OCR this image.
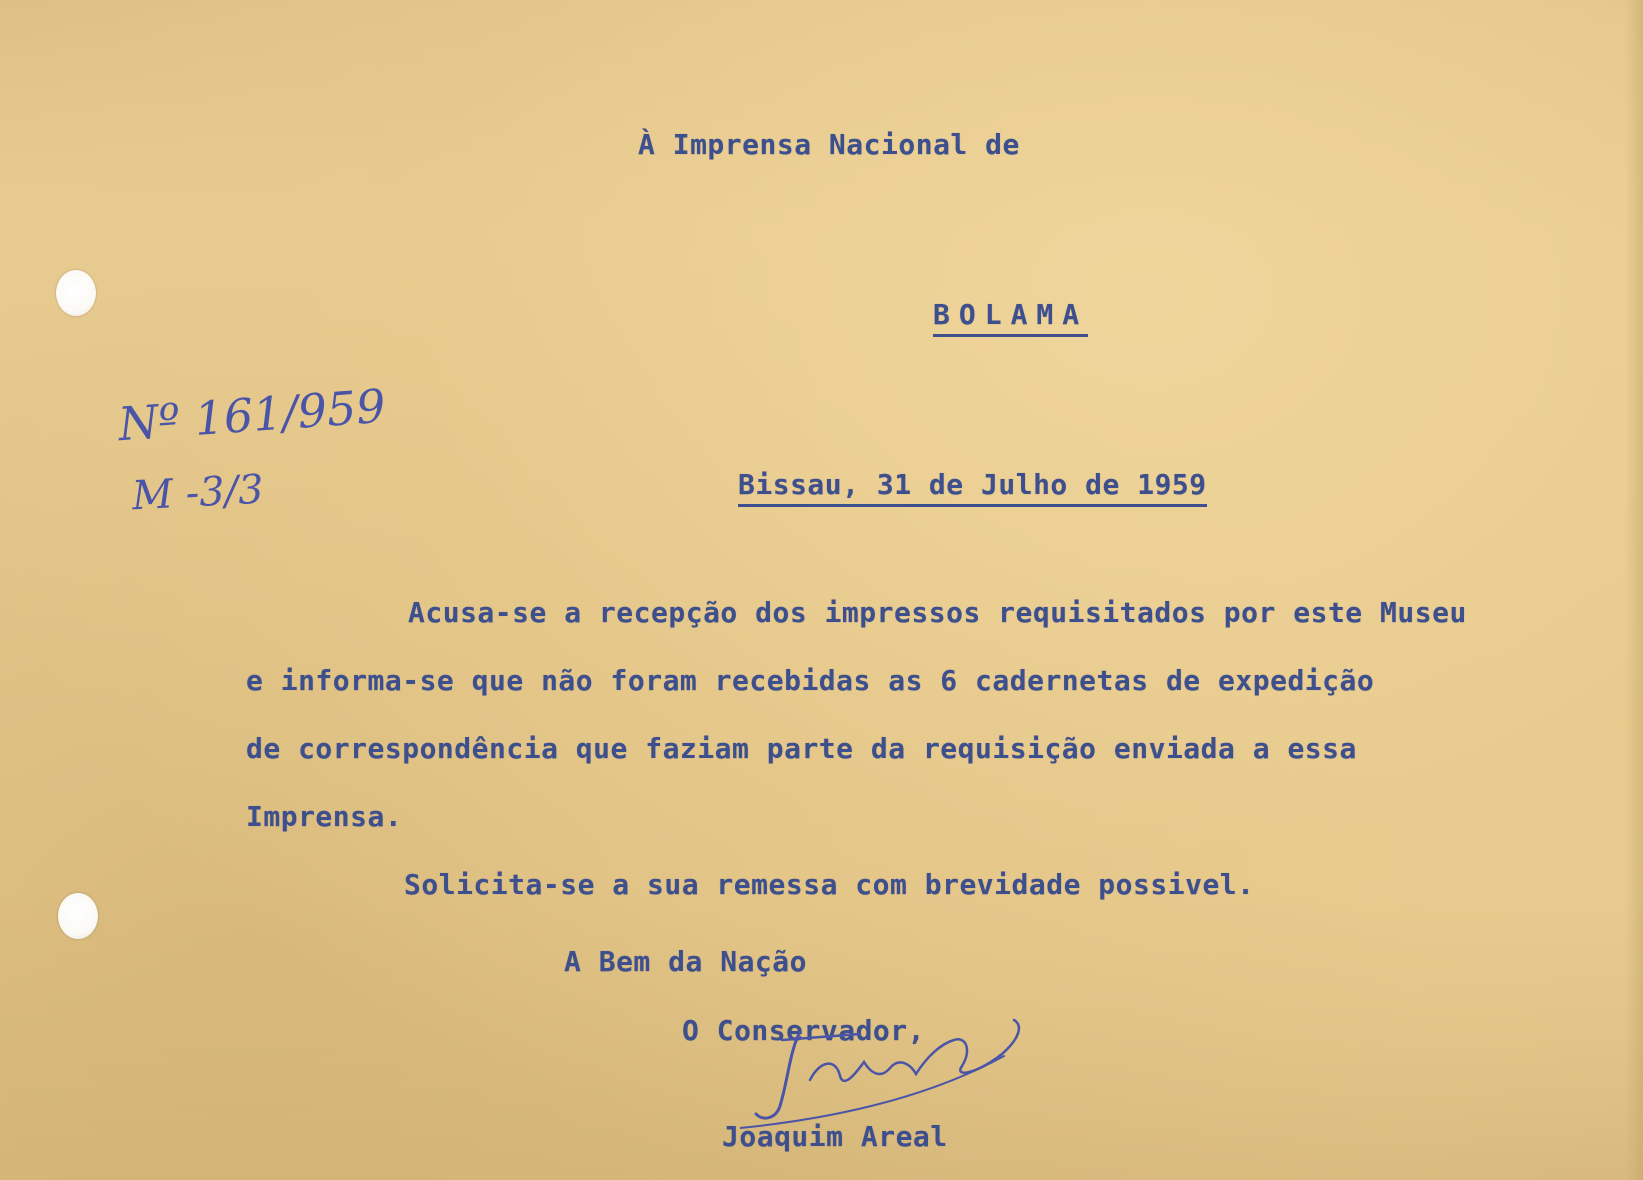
À Imprensa Nacional de
BOLAMA
Nº 161/959
M -3/3	Bissau, 31 de Julho de 1959
Acusa-se a recepção dos impressos requisitados por este Museu
e informa-se que não foram recebidas as 6 cadernetas de expedição
de correspondência que faziam parte da requisição enviada a essa
Imprensa.
Solicita-se a sua remessa com brevidade possivel.
A Bem da Nação
O Conservador,
Joaquim Areal
